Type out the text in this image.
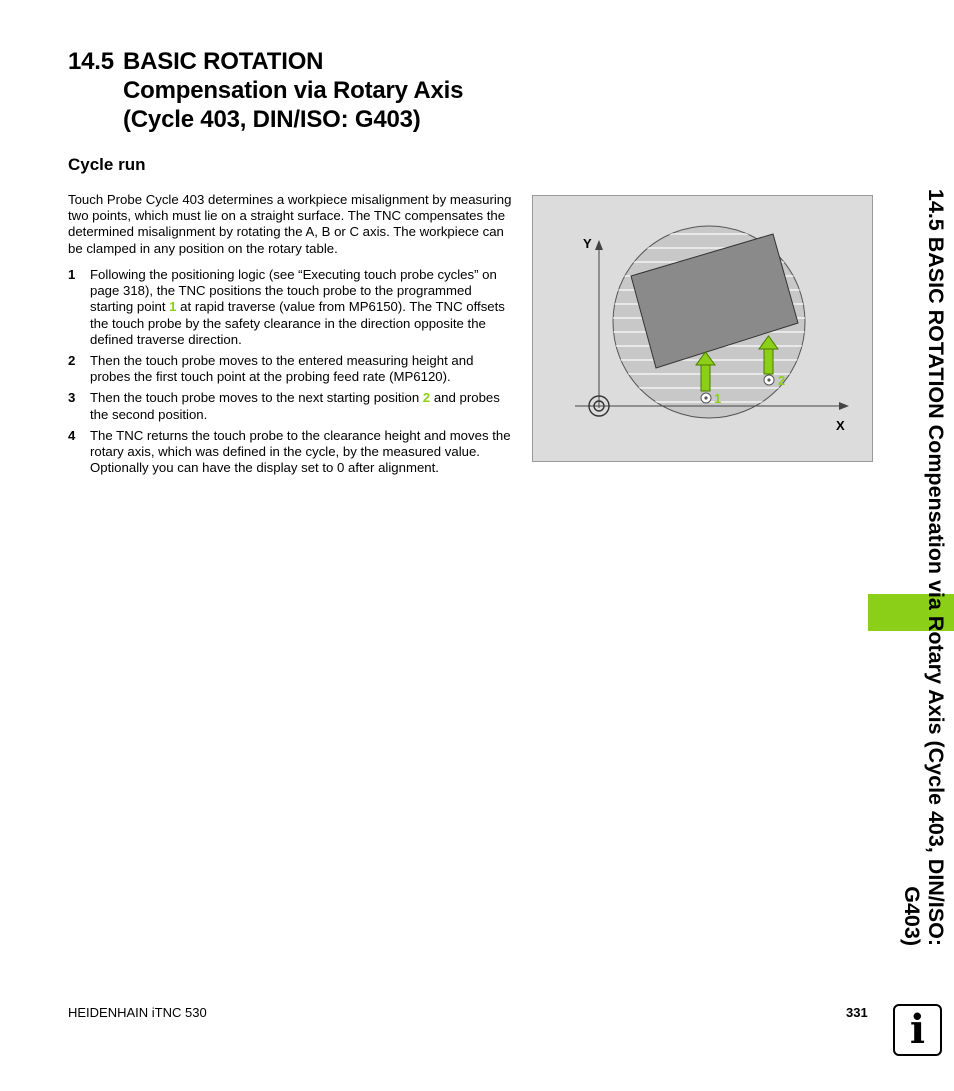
14.5 BASIC ROTATION
Compensation via Rotary Axis
(Cycle 403, DIN/ISO: G403)
Cycle run

Touch Probe Cycle 403 determines a workpiece misalignment by measuring two points, which must lie on a straight surface. The TNC compensates the determined misalignment by rotating the A, B or C axis. The workpiece can be clamped in any position on the rotary table.

1 Following the positioning logic (see “Executing touch probe cycles” on page 318), the TNC positions the touch probe to the programmed starting point 1 at rapid traverse (value from MP6150). The TNC offsets the touch probe by the safety clearance in the direction opposite the defined traverse direction.
2 Then the touch probe moves to the entered measuring height and probes the first touch point at the probing feed rate (MP6120).
3 Then the touch probe moves to the next starting position 2 and probes the second position.
4 The TNC returns the touch probe to the clearance height and moves the rotary axis, which was defined in the cycle, by the measured value. Optionally you can have the display set to 0 after alignment.
Y
X
1
2	14.5 BASIC ROTATION Compensation via Rotary Axis (Cycle 403, DIN/ISO:
G403)
HEIDENHAIN iTNC 530	331 i
